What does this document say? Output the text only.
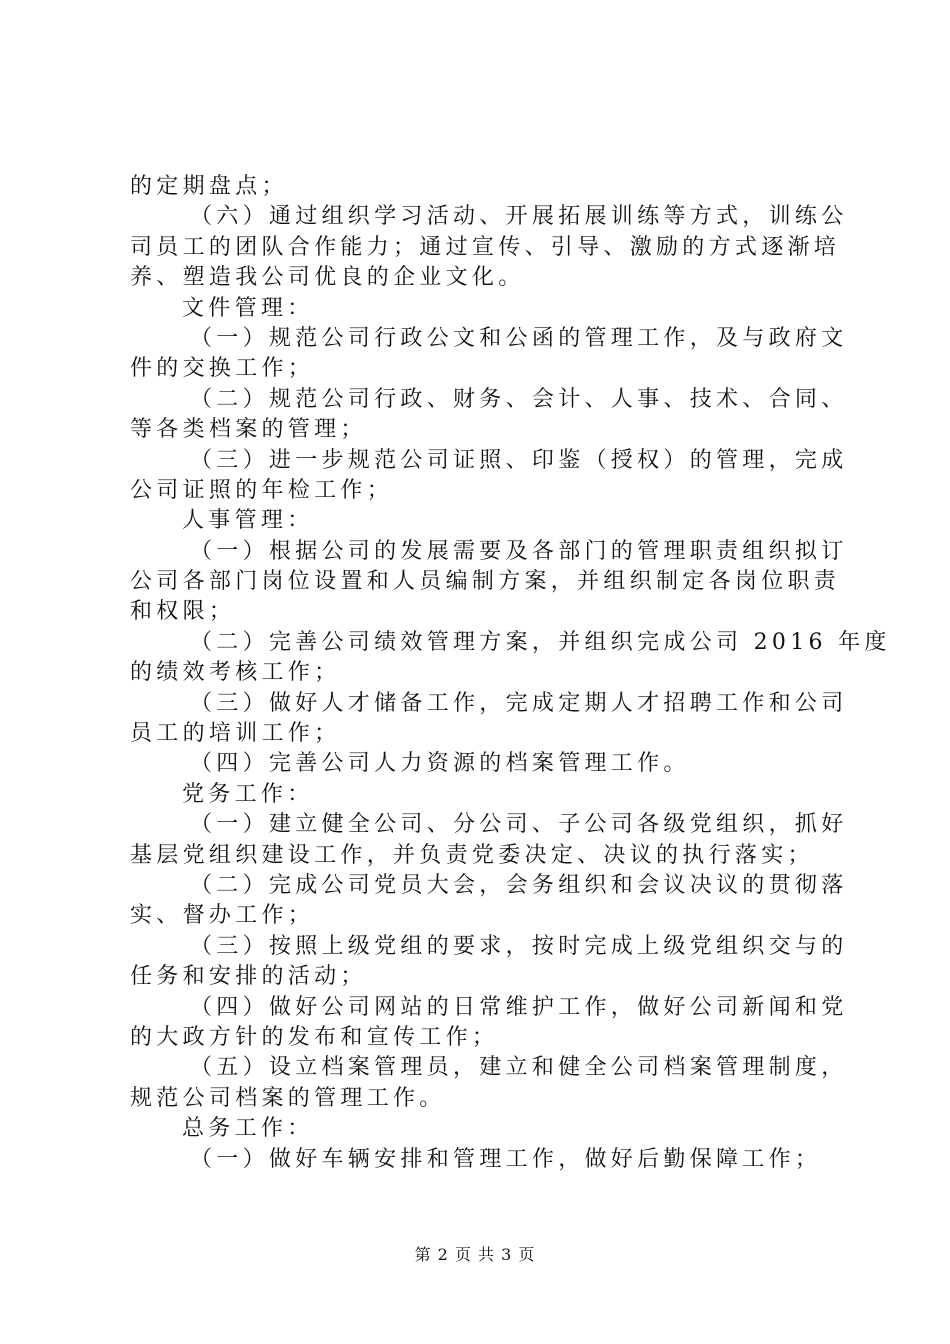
的定期盘点；
（六）通过组织学习活动、开展拓展训练等方式，训练公
司员工的团队合作能力；通过宣传、引导、激励的方式逐渐培
养、塑造我公司优良的企业文化。
文件管理：
（一）规范公司行政公文和公函的管理工作，及与政府文
件的交换工作；
（二）规范公司行政、财务、会计、人事、技术、合同、
等各类档案的管理；
（三）进一步规范公司证照、印鉴（授权）的管理，完成
公司证照的年检工作；
人事管理：
（一）根据公司的发展需要及各部门的管理职责组织拟订
公司各部门岗位设置和人员编制方案，并组织制定各岗位职责
和权限；
（二）完善公司绩效管理方案，并组织完成公司 2016 年度
的绩效考核工作；
（三）做好人才储备工作，完成定期人才招聘工作和公司
员工的培训工作；
（四）完善公司人力资源的档案管理工作。
党务工作：
（一）建立健全公司、分公司、子公司各级党组织，抓好
基层党组织建设工作，并负责党委决定、决议的执行落实；
（二）完成公司党员大会，会务组织和会议决议的贯彻落
实、督办工作；
（三）按照上级党组的要求，按时完成上级党组织交与的
任务和安排的活动；
（四）做好公司网站的日常维护工作，做好公司新闻和党
的大政方针的发布和宣传工作；
（五）设立档案管理员，建立和健全公司档案管理制度，
规范公司档案的管理工作。
总务工作：
（一）做好车辆安排和管理工作，做好后勤保障工作；
第 2 页 共 3 页
